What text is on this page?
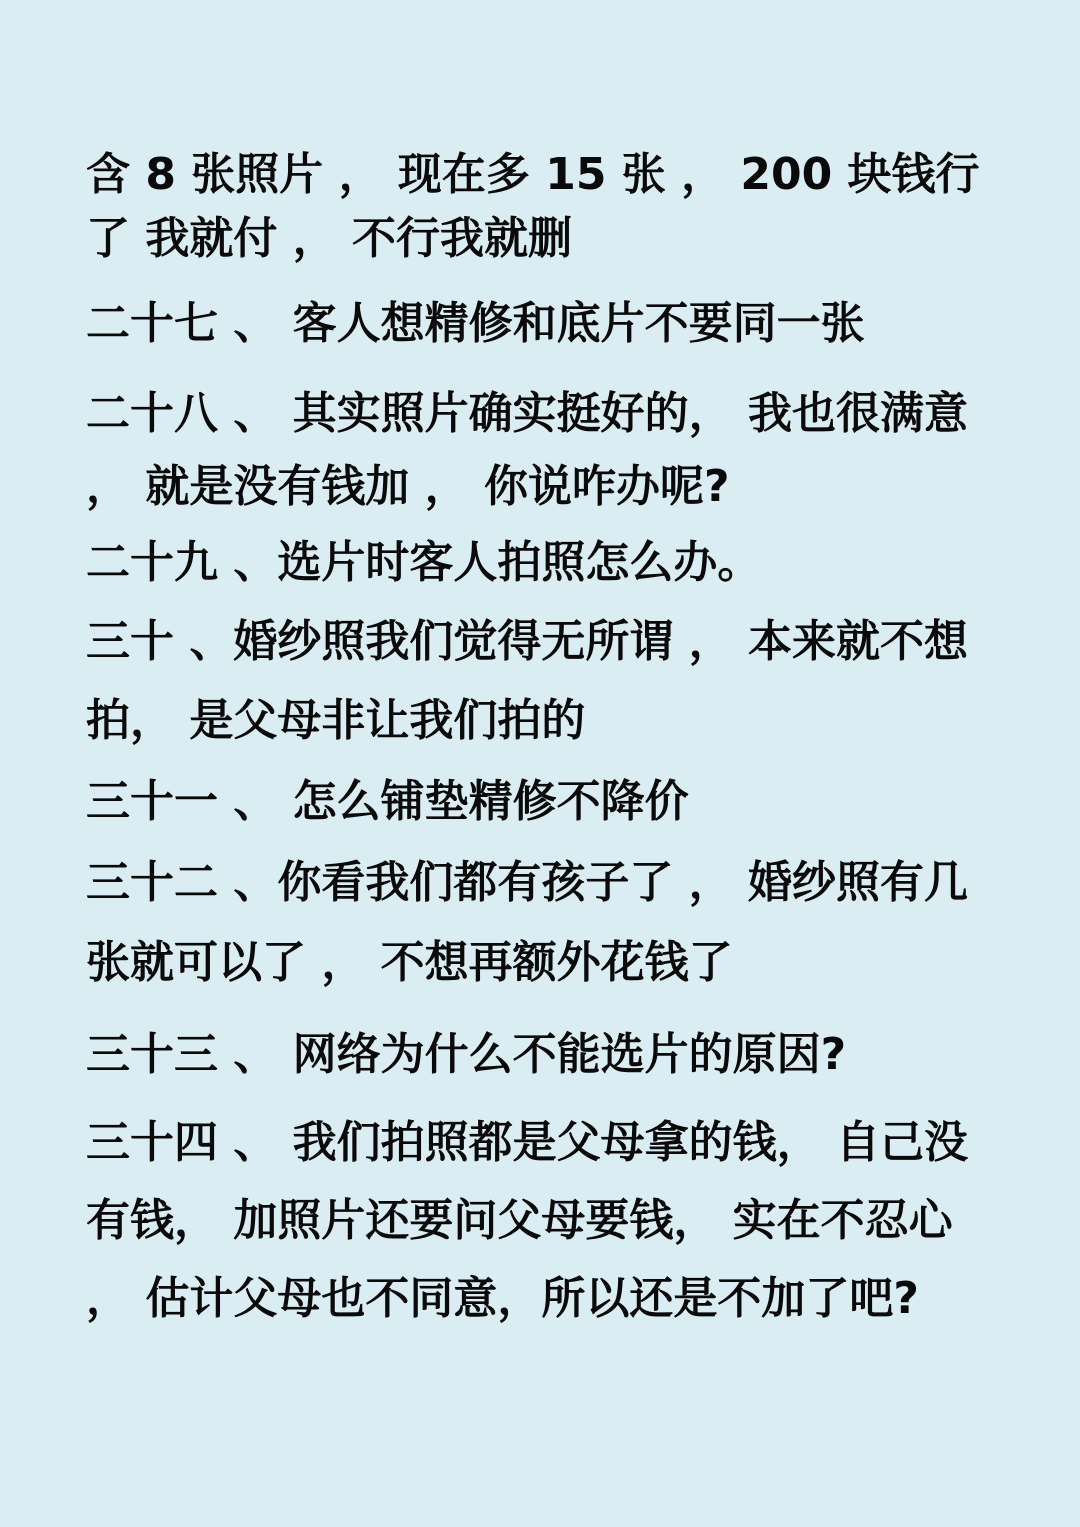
含 8 张照片 ， 现在多 15 张 ， 200 块钱行

了 我就付 ， 不行我就删

二十七 、 客人想精修和底片不要同一张

二十八 、 其实照片确实挺好的， 我也很满意

， 就是没有钱加 ， 你说咋办呢?

二十九 、选片时客人拍照怎么办。

三十 、婚纱照我们觉得无所谓 ， 本来就不想

拍， 是父母非让我们拍的

三十一 、 怎么铺垫精修不降价

三十二 、你看我们都有孩子了 ， 婚纱照有几

张就可以了 ， 不想再额外花钱了

三十三 、 网络为什么不能选片的原因?

三十四 、 我们拍照都是父母拿的钱， 自己没

有钱， 加照片还要问父母要钱， 实在不忍心

， 估计父母也不同意，所以还是不加了吧?
